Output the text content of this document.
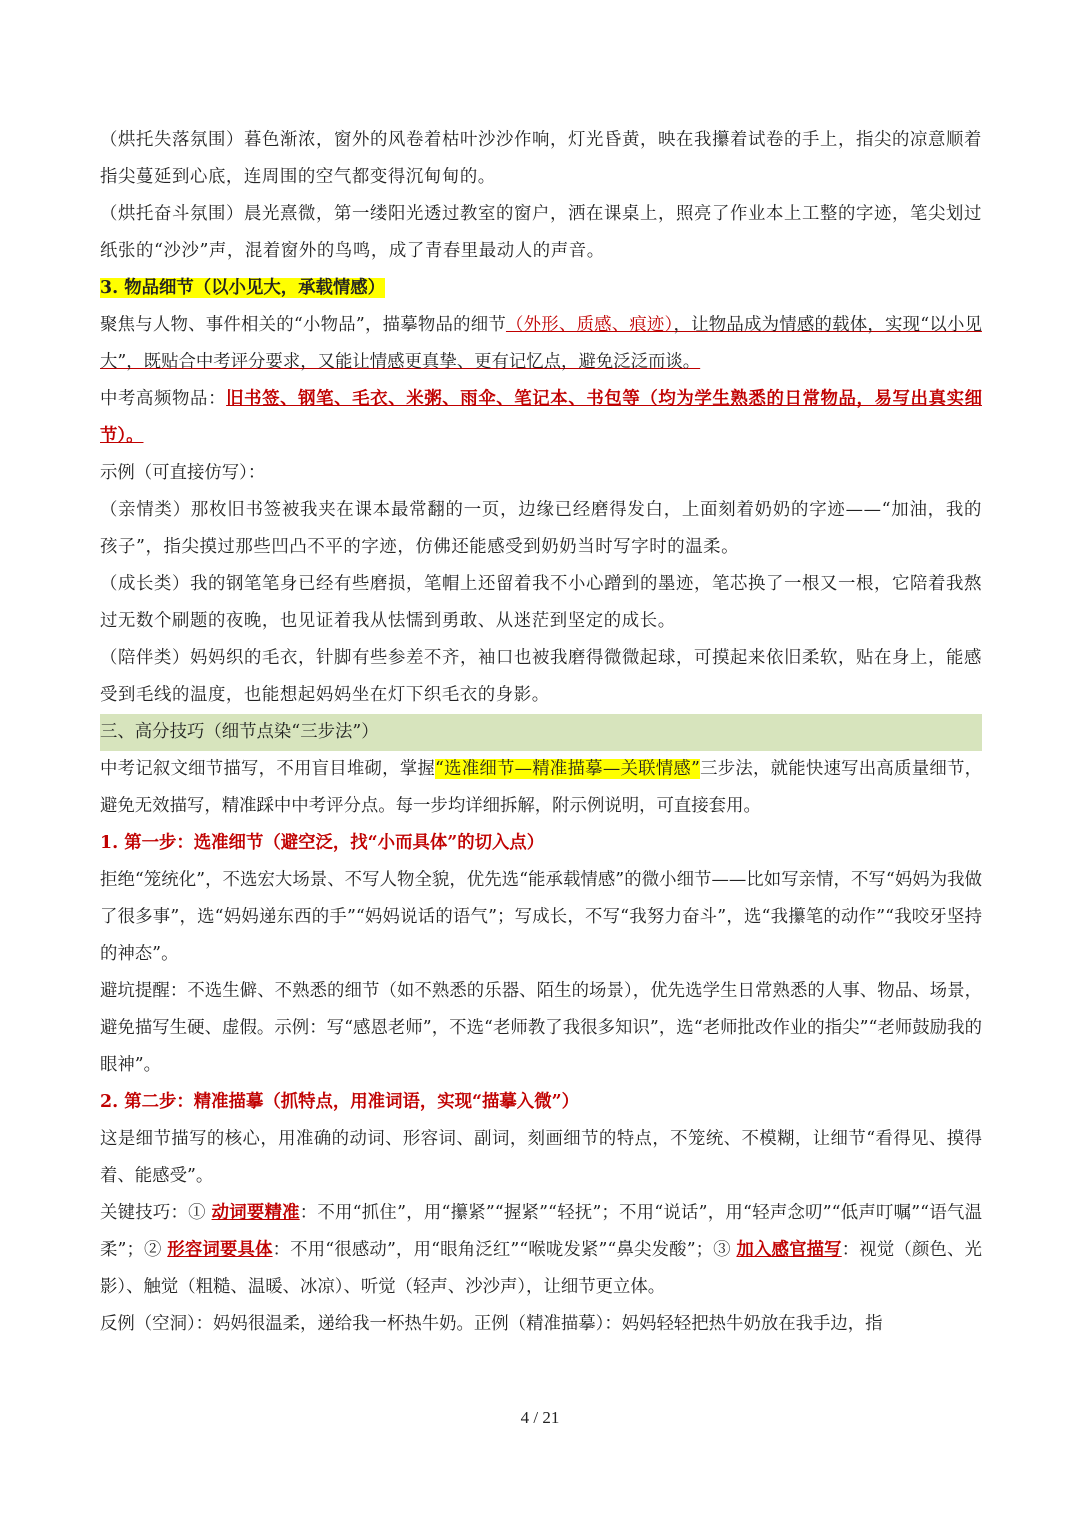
（烘托失落氛围）暮色渐浓，窗外的风卷着枯叶沙沙作响，灯光昏黄，映在我攥着试卷的手上，指尖的凉意顺着指尖蔓延到心底，连周围的空气都变得沉甸甸的。

（烘托奋斗氛围）晨光熹微，第一缕阳光透过教室的窗户，洒在课桌上，照亮了作业本上工整的字迹，笔尖划过纸张的“沙沙”声，混着窗外的鸟鸣，成了青春里最动人的声音。

3. 物品细节（以小见大，承载情感）

聚焦与人物、事件相关的“小物品”，描摹物品的细节（外形、质感、痕迹），让物品成为情感的载体，实现“以小见大”，既贴合中考评分要求，又能让情感更真挚、更有记忆点，避免泛泛而谈。

中考高频物品：旧书签、钢笔、毛衣、米粥、雨伞、笔记本、书包等（均为学生熟悉的日常物品，易写出真实细节）。

示例（可直接仿写）：

（亲情类）那枚旧书签被我夹在课本最常翻的一页，边缘已经磨得发白，上面刻着奶奶的字迹——“加油，我的孩子”，指尖摸过那些凹凸不平的字迹，仿佛还能感受到奶奶当时写字时的温柔。

（成长类）我的钢笔笔身已经有些磨损，笔帽上还留着我不小心蹭到的墨迹，笔芯换了一根又一根，它陪着我熬过无数个刷题的夜晚，也见证着我从怯懦到勇敢、从迷茫到坚定的成长。

（陪伴类）妈妈织的毛衣，针脚有些参差不齐，袖口也被我磨得微微起球，可摸起来依旧柔软，贴在身上，能感受到毛线的温度，也能想起妈妈坐在灯下织毛衣的身影。

三、高分技巧（细节点染“三步法”）

中考记叙文细节描写，不用盲目堆砌，掌握“选准细节—精准描摹—关联情感”三步法，就能快速写出高质量细节，避免无效描写，精准踩中中考评分点。每一步均详细拆解，附示例说明，可直接套用。

1. 第一步：选准细节（避空泛，找“小而具体”的切入点）

拒绝“笼统化”，不选宏大场景、不写人物全貌，优先选“能承载情感”的微小细节——比如写亲情，不写“妈妈为我做了很多事”，选“妈妈递东西的手”“妈妈说话的语气”；写成长，不写“我努力奋斗”，选“我攥笔的动作”“我咬牙坚持的神态”。

避坑提醒：不选生僻、不熟悉的细节（如不熟悉的乐器、陌生的场景），优先选学生日常熟悉的人事、物品、场景，避免描写生硬、虚假。示例：写“感恩老师”，不选“老师教了我很多知识”，选“老师批改作业的指尖”“老师鼓励我的眼神”。

2. 第二步：精准描摹（抓特点，用准词语，实现“描摹入微”）

这是细节描写的核心，用准确的动词、形容词、副词，刻画细节的特点，不笼统、不模糊，让细节“看得见、摸得着、能感受”。

关键技巧：① 动词要精准：不用“抓住”，用“攥紧”“握紧”“轻抚”；不用“说话”，用“轻声念叨”“低声叮嘱”“语气温柔”；② 形容词要具体：不用“很感动”，用“眼角泛红”“喉咙发紧”“鼻尖发酸”；③ 加入感官描写：视觉（颜色、光影）、触觉（粗糙、温暖、冰凉）、听觉（轻声、沙沙声），让细节更立体。

反例（空洞）：妈妈很温柔，递给我一杯热牛奶。正例（精准描摹）：妈妈轻轻把热牛奶放在我手边，指

4 / 21
